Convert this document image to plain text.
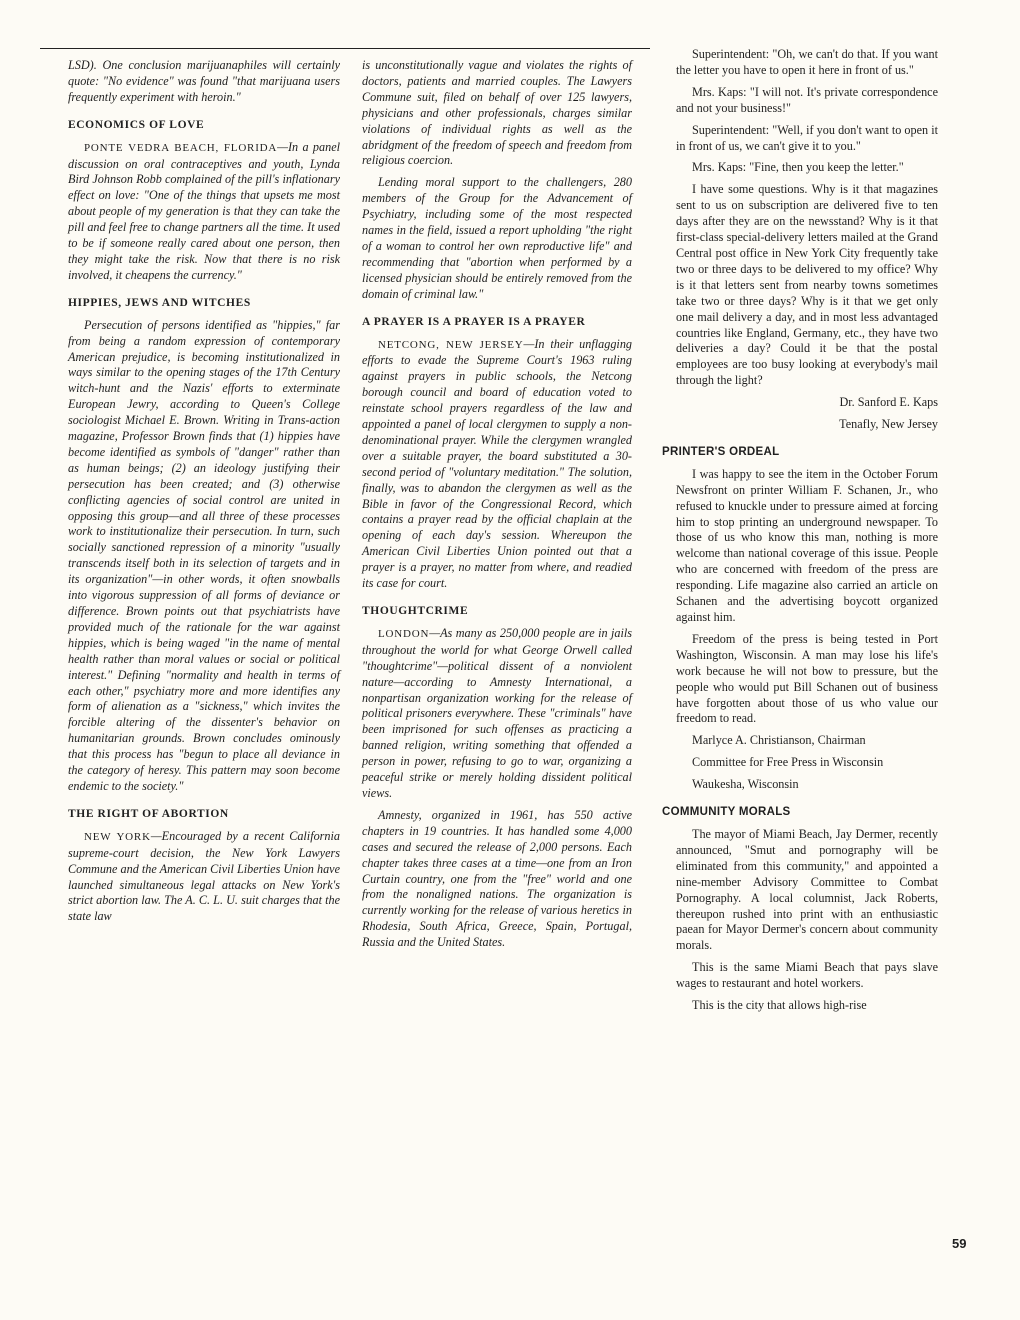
LSD). One conclusion marijuanaphiles will certainly quote: "No evidence" was found "that marijuana users frequently experiment with heroin."

ECONOMICS OF LOVE

PONTE VEDRA BEACH, FLORIDA—In a panel discussion on oral contraceptives and youth, Lynda Bird Johnson Robb complained of the pill's inflationary effect on love: "One of the things that upsets me most about people of my generation is that they can take the pill and feel free to change partners all the time. It used to be if someone really cared about one person, then they might take the risk. Now that there is no risk involved, it cheapens the currency."

HIPPIES, JEWS AND WITCHES

Persecution of persons identified as "hippies," far from being a random expression of contemporary American prejudice, is becoming institutionalized in ways similar to the opening stages of the 17th Century witch-hunt and the Nazis' efforts to exterminate European Jewry, according to Queen's College sociologist Michael E. Brown. Writing in Trans-action magazine, Professor Brown finds that (1) hippies have become identified as symbols of "danger" rather than as human beings; (2) an ideology justifying their persecution has been created; and (3) otherwise conflicting agencies of social control are united in opposing this group—and all three of these processes work to institutionalize their persecution. In turn, such socially sanctioned repression of a minority "usually transcends itself both in its selection of targets and in its organization"—in other words, it often snowballs into vigorous suppression of all forms of deviance or difference. Brown points out that psychiatrists have provided much of the rationale for the war against hippies, which is being waged "in the name of mental health rather than moral values or social or political interest." Defining "normality and health in terms of each other," psychiatry more and more identifies any form of alienation as a "sickness," which invites the forcible altering of the dissenter's behavior on humanitarian grounds. Brown concludes ominously that this process has "begun to place all deviance in the category of heresy. This pattern may soon become endemic to the society."

THE RIGHT OF ABORTION

NEW YORK—Encouraged by a recent California supreme-court decision, the New York Lawyers Commune and the American Civil Liberties Union have launched simultaneous legal attacks on New York's strict abortion law. The A. C. L. U. suit charges that the state law

is unconstitutionally vague and violates the rights of doctors, patients and married couples. The Lawyers Commune suit, filed on behalf of over 125 lawyers, physicians and other professionals, charges similar violations of individual rights as well as the abridgment of the freedom of speech and freedom from religious coercion.

Lending moral support to the challengers, 280 members of the Group for the Advancement of Psychiatry, including some of the most respected names in the field, issued a report upholding "the right of a woman to control her own reproductive life" and recommending that "abortion when performed by a licensed physician should be entirely removed from the domain of criminal law."

A PRAYER IS A PRAYER IS A PRAYER

NETCONG, NEW JERSEY—In their unflagging efforts to evade the Supreme Court's 1963 ruling against prayers in public schools, the Netcong borough council and board of education voted to reinstate school prayers regardless of the law and appointed a panel of local clergymen to supply a non-denominational prayer. While the clergymen wrangled over a suitable prayer, the board substituted a 30-second period of "voluntary meditation." The solution, finally, was to abandon the clergymen as well as the Bible in favor of the Congressional Record, which contains a prayer read by the official chaplain at the opening of each day's session. Whereupon the American Civil Liberties Union pointed out that a prayer is a prayer, no matter from where, and readied its case for court.

THOUGHTCRIME

LONDON—As many as 250,000 people are in jails throughout the world for what George Orwell called "thoughtcrime"—political dissent of a nonviolent nature—according to Amnesty International, a nonpartisan organization working for the release of political prisoners everywhere. These "criminals" have been imprisoned for such offenses as practicing a banned religion, writing something that offended a person in power, refusing to go to war, organizing a peaceful strike or merely holding dissident political views.

Amnesty, organized in 1961, has 550 active chapters in 19 countries. It has handled some 4,000 cases and secured the release of 2,000 persons. Each chapter takes three cases at a time—one from an Iron Curtain country, one from the "free" world and one from the nonaligned nations. The organization is currently working for the release of various heretics in Rhodesia, South Africa, Greece, Spain, Portugal, Russia and the United States.

Superintendent: "Oh, we can't do that. If you want the letter you have to open it here in front of us."

Mrs. Kaps: "I will not. It's private correspondence and not your business!"

Superintendent: "Well, if you don't want to open it in front of us, we can't give it to you."

Mrs. Kaps: "Fine, then you keep the letter."

I have some questions. Why is it that magazines sent to us on subscription are delivered five to ten days after they are on the newsstand? Why is it that first-class special-delivery letters mailed at the Grand Central post office in New York City frequently take two or three days to be delivered to my office? Why is it that letters sent from nearby towns sometimes take two or three days? Why is it that we get only one mail delivery a day, and in most less advantaged countries like England, Germany, etc., they have two deliveries a day? Could it be that the postal employees are too busy looking at everybody's mail through the light?

Dr. Sanford E. Kaps

Tenafly, New Jersey

PRINTER'S ORDEAL

I was happy to see the item in the October Forum Newsfront on printer William F. Schanen, Jr., who refused to knuckle under to pressure aimed at forcing him to stop printing an underground newspaper. To those of us who know this man, nothing is more welcome than national coverage of this issue. People who are concerned with freedom of the press are responding. Life magazine also carried an article on Schanen and the advertising boycott organized against him.

Freedom of the press is being tested in Port Washington, Wisconsin. A man may lose his life's work because he will not bow to pressure, but the people who would put Bill Schanen out of business have forgotten about those of us who value our freedom to read.

Marlyce A. Christianson, Chairman

Committee for Free Press in Wisconsin

Waukesha, Wisconsin

COMMUNITY MORALS

The mayor of Miami Beach, Jay Dermer, recently announced, "Smut and pornography will be eliminated from this community," and appointed a nine-member Advisory Committee to Combat Pornography. A local columnist, Jack Roberts, thereupon rushed into print with an enthusiastic paean for Mayor Dermer's concern about community morals.

This is the same Miami Beach that pays slave wages to restaurant and hotel workers.

This is the city that allows high-rise

59
